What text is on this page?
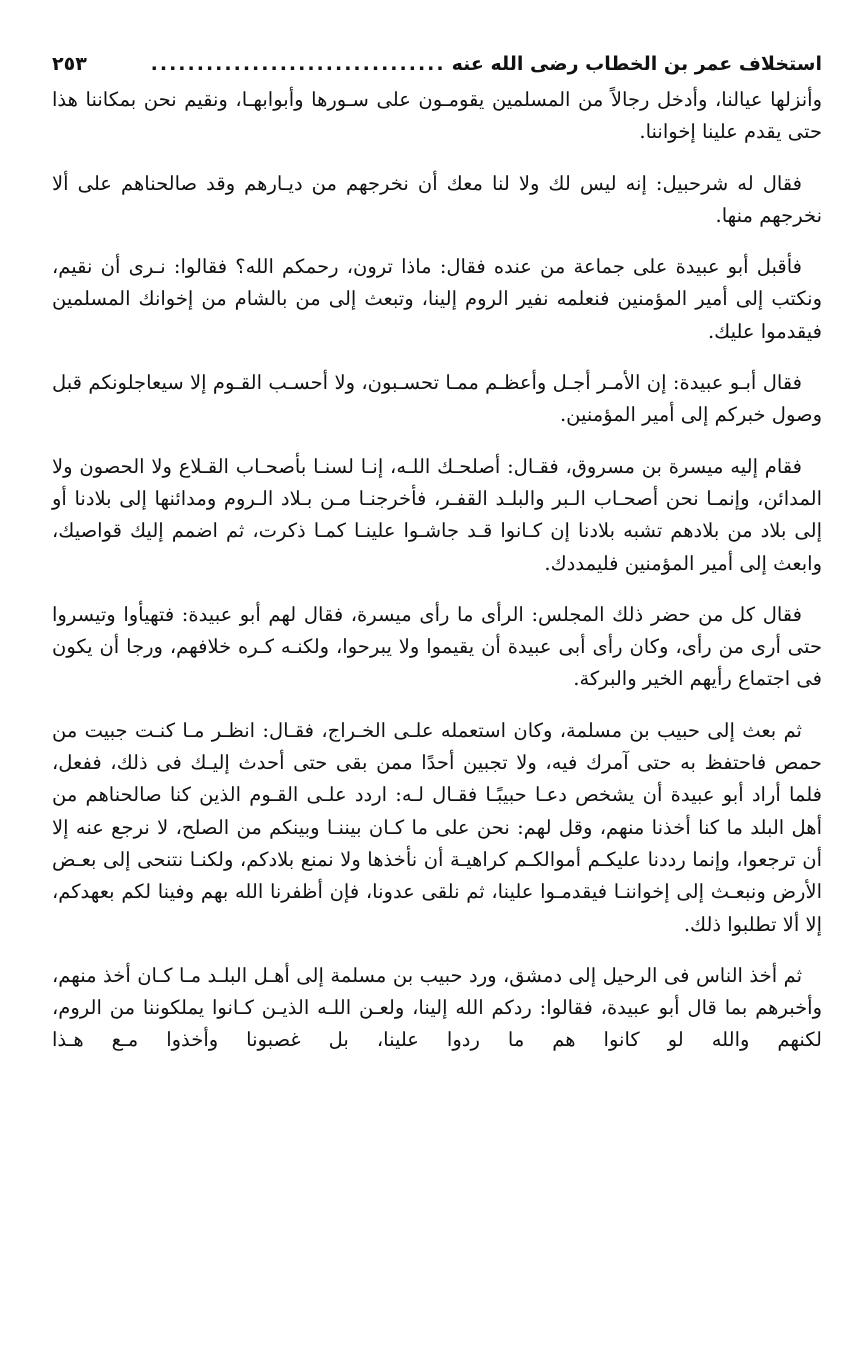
استخلاف عمر بن الخطاب رضى الله عنه
................................
٢٥٣

وأنزلها عيالنا، وأدخل رجالاً من المسلمين يقومـون على سـورها وأبوابهـا، ونقيم نحن بمكاننا هذا حتى يقدم علينا إخواننا.

فقال له شرحبيل: إنه ليس لك ولا لنا معك أن نخرجهم من ديـارهم وقد صالحناهم على ألا نخرجهم منها.

فأقبل أبو عبيدة على جماعة من عنده فقال: ماذا ترون، رحمكم الله؟ فقالوا: نـرى أن نقيم، ونكتب إلى أمير المؤمنين فنعلمه نفير الروم إلينا، وتبعث إلى من بالشام من إخوانك المسلمين فيقدموا عليك.

فقال أبـو عبيدة: إن الأمـر أجـل وأعظـم ممـا تحسـبون، ولا أحسـب القـوم إلا سيعاجلونكم قبل وصول خبركم إلى أمير المؤمنين.

فقام إليه ميسرة بن مسروق، فقـال: أصلحـك اللـه، إنـا لسنـا بأصحـاب القـلاع ولا الحصون ولا المدائن، وإنمـا نحن أصحـاب الـبر والبلـد القفـر، فأخرجنـا مـن بـلاد الـروم ومدائنها إلى بلادنا أو إلى بلاد من بلادهم تشبه بلادنا إن كـانوا قـد جاشـوا علينـا كمـا ذكرت، ثم اضمم إليك قواصيك، وابعث إلى أمير المؤمنين فليمددك.

فقال كل من حضر ذلك المجلس: الرأى ما رأى ميسرة، فقال لهم أبو عبيدة: فتهيأوا وتيسروا حتى أرى من رأى، وكان رأى أبى عبيدة أن يقيموا ولا يبرحوا، ولكنـه كـره خلافهم، ورجا أن يكون فى اجتماع رأيهم الخير والبركة.

ثم بعث إلى حبيب بن مسلمة، وكان استعمله علـى الخـراج، فقـال: انظـر مـا كنـت جبيت من حمص فاحتفظ به حتى آمرك فيه، ولا تجبين أحدًا ممن بقى حتى أحدث إليـك فى ذلك، ففعل، فلما أراد أبو عبيدة أن يشخص دعـا حبيبًـا فقـال لـه: اردد علـى القـوم الذين كنا صالحناهم من أهل البلد ما كنا أخذنا منهم، وقل لهم: نحن على ما كـان بيننـا وبينكم من الصلح، لا نرجع عنه إلا أن ترجعوا، وإنما رددنا عليكـم أموالكـم كراهيـة أن نأخذها ولا نمنع بلادكم، ولكنـا نتنحى إلى بعـض الأرض ونبعـث إلى إخواننـا فيقدمـوا علينا، ثم نلقى عدونا، فإن أظفرنا الله بهم وفينا لكم بعهدكم، إلا ألا تطلبوا ذلك.

ثم أخذ الناس فى الرحيل إلى دمشق، ورد حبيب بن مسلمة إلى أهـل البلـد مـا كـان أخذ منهم، وأخبرهم بما قال أبو عبيدة، فقالوا: ردكم الله إلينا، ولعـن اللـه الذيـن كـانوا يملكوننا من الروم، لكنهم والله لو كانوا هم ما ردوا علينا، بل غصبونا وأخذوا مـع هـذا
